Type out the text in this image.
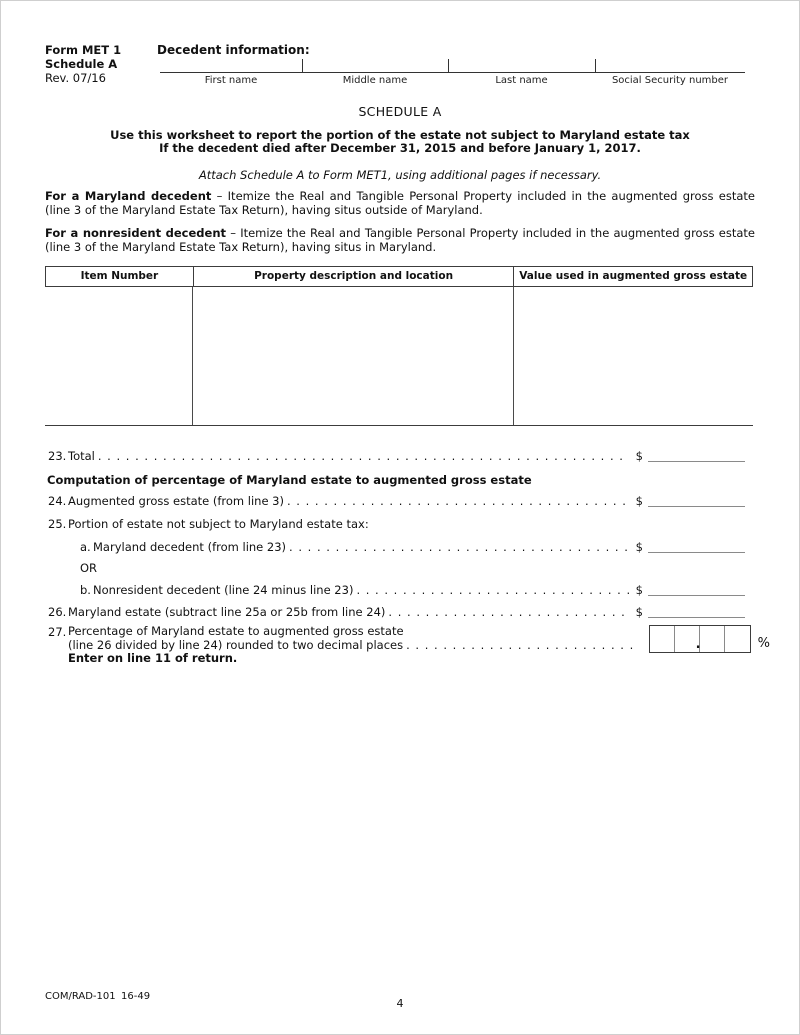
Form MET 1
Schedule A
Rev. 07/16
Decedent information:
First name	Middle name	Last name	Social Security number
SCHEDULE A
Use this worksheet to report the portion of the estate not subject to Maryland estate tax
If the decedent died after December 31, 2015 and before January 1, 2017.
Attach Schedule A to Form MET1, using additional pages if necessary.

For a Maryland decedent – Itemize the Real and Tangible Personal Property included in the augmented gross estate (line 3 of the Maryland Estate Tax Return), having situs outside of Maryland.

For a nonresident decedent – Itemize the Real and Tangible Personal Property included in the augmented gross estate (line 3 of the Maryland Estate Tax Return), having situs in Maryland.

Item Number	Property description and location	Value used in augmented gross estate
23. Total . . .	$
Computation of percentage of Maryland estate to augmented gross estate
24. Augmented gross estate (from line 3) . . .	$
25. Portion of estate not subject to Maryland estate tax:
a. Maryland decedent (from line 23) . . .	$
OR
b. Nonresident decedent (line 24 minus line 23) . . .	$
26. Maryland estate (subtract line 25a or 25b from line 24) . . .	$
27. Percentage of Maryland estate to augmented gross estate
(line 26 divided by line 24) rounded to two decimal places
. . .
Enter on line 11 of return.
.	%
COM/RAD-101 16-49
4
